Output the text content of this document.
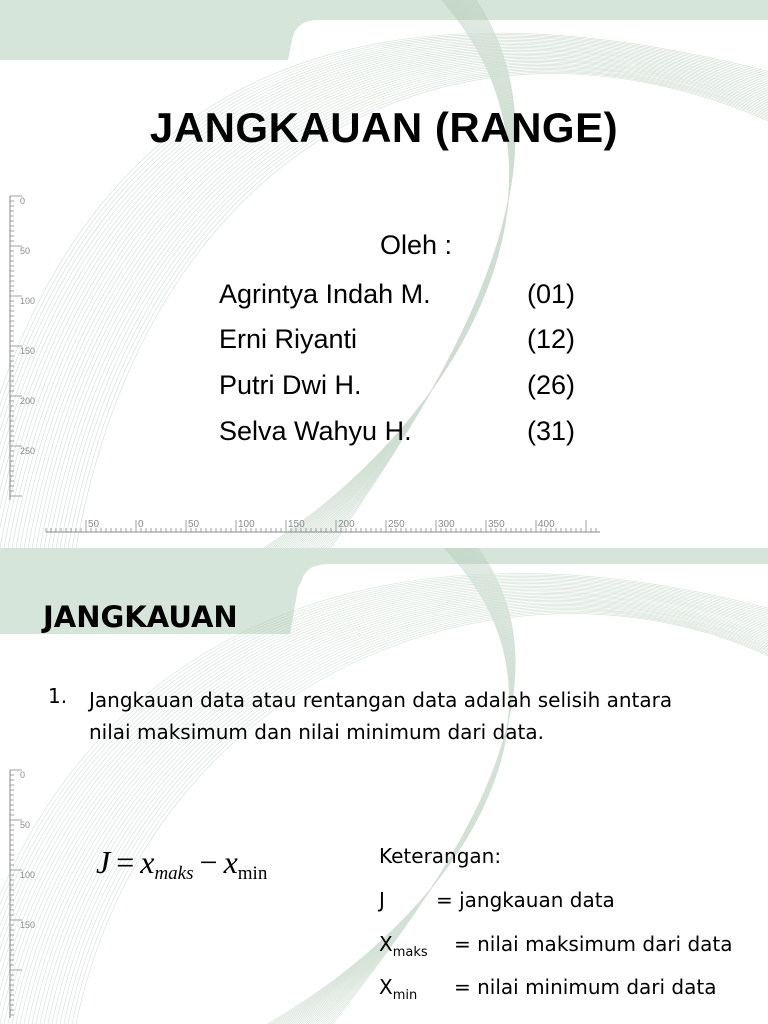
50	0	50	100	150	200	250	300	350	400
0
50
100
150
200
250
JANGKAUAN (RANGE)
Oleh :
Agrintya Indah M.	(01)
Erni Riyanti	(12)
Putri Dwi H.	(26)
Selva Wahyu H.	(31)
0
50
100
150
JANGKAUAN
1. Jangkauan data atau rentangan data adalah selisih antara nilai maksimum dan nilai minimum dari data.
$J = x_{maks} - xmin$
Keterangan:
J	= jangkauan data
$X_{maks}$ = nilai maksimum dari data
$X_{min}$ = nilai minimum dari data
